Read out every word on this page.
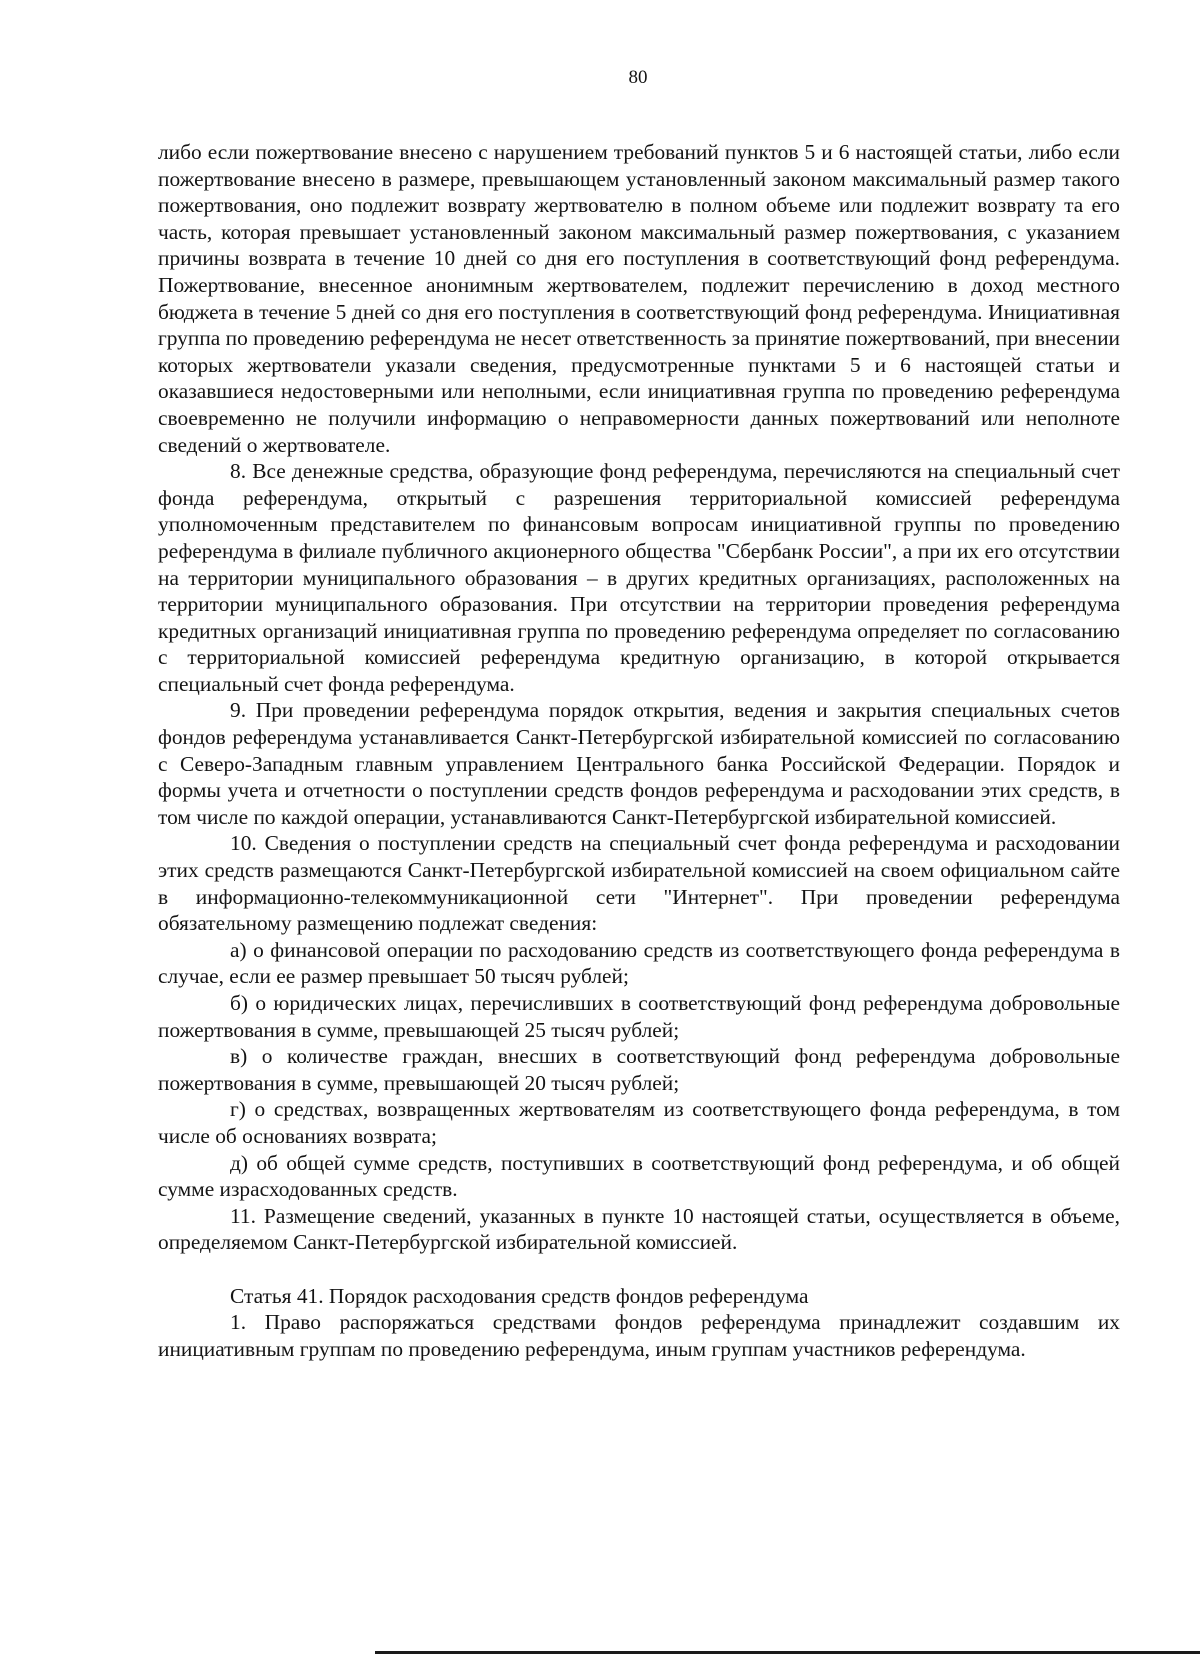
80

либо если пожертвование внесено с нарушением требований пунктов 5 и 6 настоящей статьи, либо если пожертвование внесено в размере, превышающем установленный законом максимальный размер такого пожертвования, оно подлежит возврату жертвователю в полном объеме или подлежит возврату та его часть, которая превышает установленный законом максимальный размер пожертвования, с указанием причины возврата в течение 10 дней со дня его поступления в соответствующий фонд референдума. Пожертвование, внесенное анонимным жертвователем, подлежит перечислению в доход местного бюджета в течение 5 дней со дня его поступления в соответствующий фонд референдума. Инициативная группа по проведению референдума не несет ответственность за принятие пожертвований, при внесении которых жертвователи указали сведения, предусмотренные пунктами 5 и 6 настоящей статьи и оказавшиеся недостоверными или неполными, если инициативная группа по проведению референдума своевременно не получили информацию о неправомерности данных пожертвований или неполноте сведений о жертвователе.

8. Все денежные средства, образующие фонд референдума, перечисляются на специальный счет фонда референдума, открытый с разрешения территориальной комиссией референдума уполномоченным представителем по финансовым вопросам инициативной группы по проведению референдума в филиале публичного акционерного общества "Сбербанк России", а при их его отсутствии на территории муниципального образования – в других кредитных организациях, расположенных на территории муниципального образования. При отсутствии на территории проведения референдума кредитных организаций инициативная группа по проведению референдума определяет по согласованию с территориальной комиссией референдума кредитную организацию, в которой открывается специальный счет фонда референдума.

9. При проведении референдума порядок открытия, ведения и закрытия специальных счетов фондов референдума устанавливается Санкт-Петербургской избирательной комиссией по согласованию с Северо-Западным главным управлением Центрального банка Российской Федерации. Порядок и формы учета и отчетности о поступлении средств фондов референдума и расходовании этих средств, в том числе по каждой операции, устанавливаются Санкт-Петербургской избирательной комиссией.

10. Сведения о поступлении средств на специальный счет фонда референдума и расходовании этих средств размещаются Санкт-Петербургской избирательной комиссией на своем официальном сайте в информационно-телекоммуникационной сети "Интернет". При проведении референдума обязательному размещению подлежат сведения:

а) о финансовой операции по расходованию средств из соответствующего фонда референдума в случае, если ее размер превышает 50 тысяч рублей;

б) о юридических лицах, перечисливших в соответствующий фонд референдума добровольные пожертвования в сумме, превышающей 25 тысяч рублей;

в) о количестве граждан, внесших в соответствующий фонд референдума добровольные пожертвования в сумме, превышающей 20 тысяч рублей;

г) о средствах, возвращенных жертвователям из соответствующего фонда референдума, в том числе об основаниях возврата;

д) об общей сумме средств, поступивших в соответствующий фонд референдума, и об общей сумме израсходованных средств.

11. Размещение сведений, указанных в пункте 10 настоящей статьи, осуществляется в объеме, определяемом Санкт-Петербургской избирательной комиссией.

Статья 41. Порядок расходования средств фондов референдума

1. Право распоряжаться средствами фондов референдума принадлежит создавшим их инициативным группам по проведению референдума, иным группам участников референдума.
